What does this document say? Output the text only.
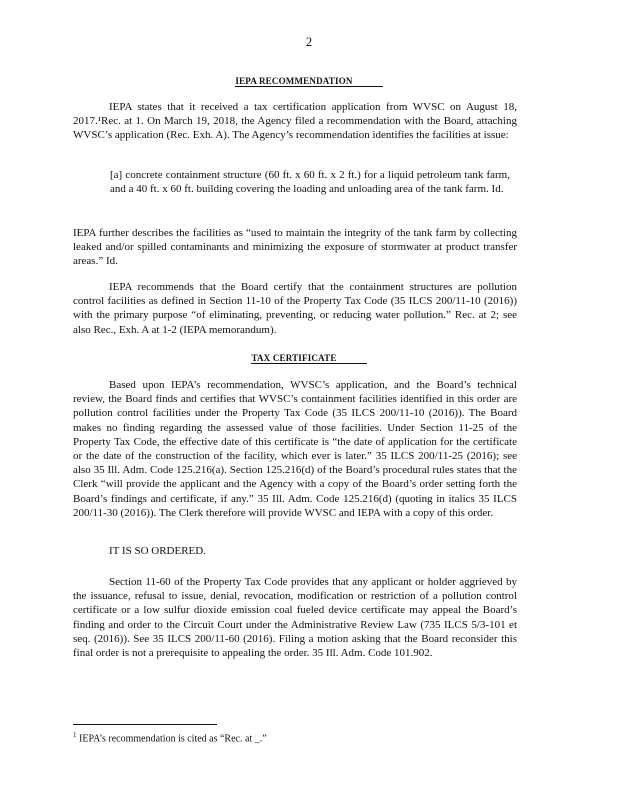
2
IEPA RECOMMENDATION

IEPA states that it received a tax certification application from WVSC on August 18, 2017.¹Rec. at 1. On March 19, 2018, the Agency filed a recommendation with the Board, attaching WVSC’s application (Rec. Exh. A). The Agency’s recommendation identifies the facilities at issue:

[a] concrete containment structure (60 ft. x 60 ft. x 2 ft.) for a liquid petroleum tank farm, and a 40 ft. x 60 ft. building covering the loading and unloading area of the tank farm. Id.

IEPA further describes the facilities as “used to maintain the integrity of the tank farm by collecting leaked and/or spilled contaminants and minimizing the exposure of stormwater at product transfer areas.” Id.

IEPA recommends that the Board certify that the containment structures are pollution control facilities as defined in Section 11-10 of the Property Tax Code (35 ILCS 200/11-10 (2016)) with the primary purpose “of eliminating, preventing, or reducing water pollution.” Rec. at 2; see also Rec., Exh. A at 1-2 (IEPA memorandum).

TAX CERTIFICATE

Based upon IEPA’s recommendation, WVSC’s application, and the Board’s technical review, the Board finds and certifies that WVSC’s containment facilities identified in this order are pollution control facilities under the Property Tax Code (35 ILCS 200/11-10 (2016)). The Board makes no finding regarding the assessed value of those facilities. Under Section 11-25 of the Property Tax Code, the effective date of this certificate is “the date of application for the certificate or the date of the construction of the facility, which ever is later.” 35 ILCS 200/11-25 (2016); see also 35 Ill. Adm. Code 125.216(a). Section 125.216(d) of the Board’s procedural rules states that the Clerk “will provide the applicant and the Agency with a copy of the Board’s order setting forth the Board’s findings and certificate, if any.” 35 Ill. Adm. Code 125.216(d) (quoting in italics 35 ILCS 200/11-30 (2016)). The Clerk therefore will provide WVSC and IEPA with a copy of this order.

IT IS SO ORDERED.

Section 11-60 of the Property Tax Code provides that any applicant or holder aggrieved by the issuance, refusal to issue, denial, revocation, modification or restriction of a pollution control certificate or a low sulfur dioxide emission coal fueled device certificate may appeal the Board’s finding and order to the Circuit Court under the Administrative Review Law (735 ILCS 5/3-101 et seq. (2016)). See 35 ILCS 200/11-60 (2016). Filing a motion asking that the Board reconsider this final order is not a prerequisite to appealing the order. 35 Ill. Adm. Code 101.902.

$^1$ IEPA’s recommendation is cited as “Rec. at _.”
